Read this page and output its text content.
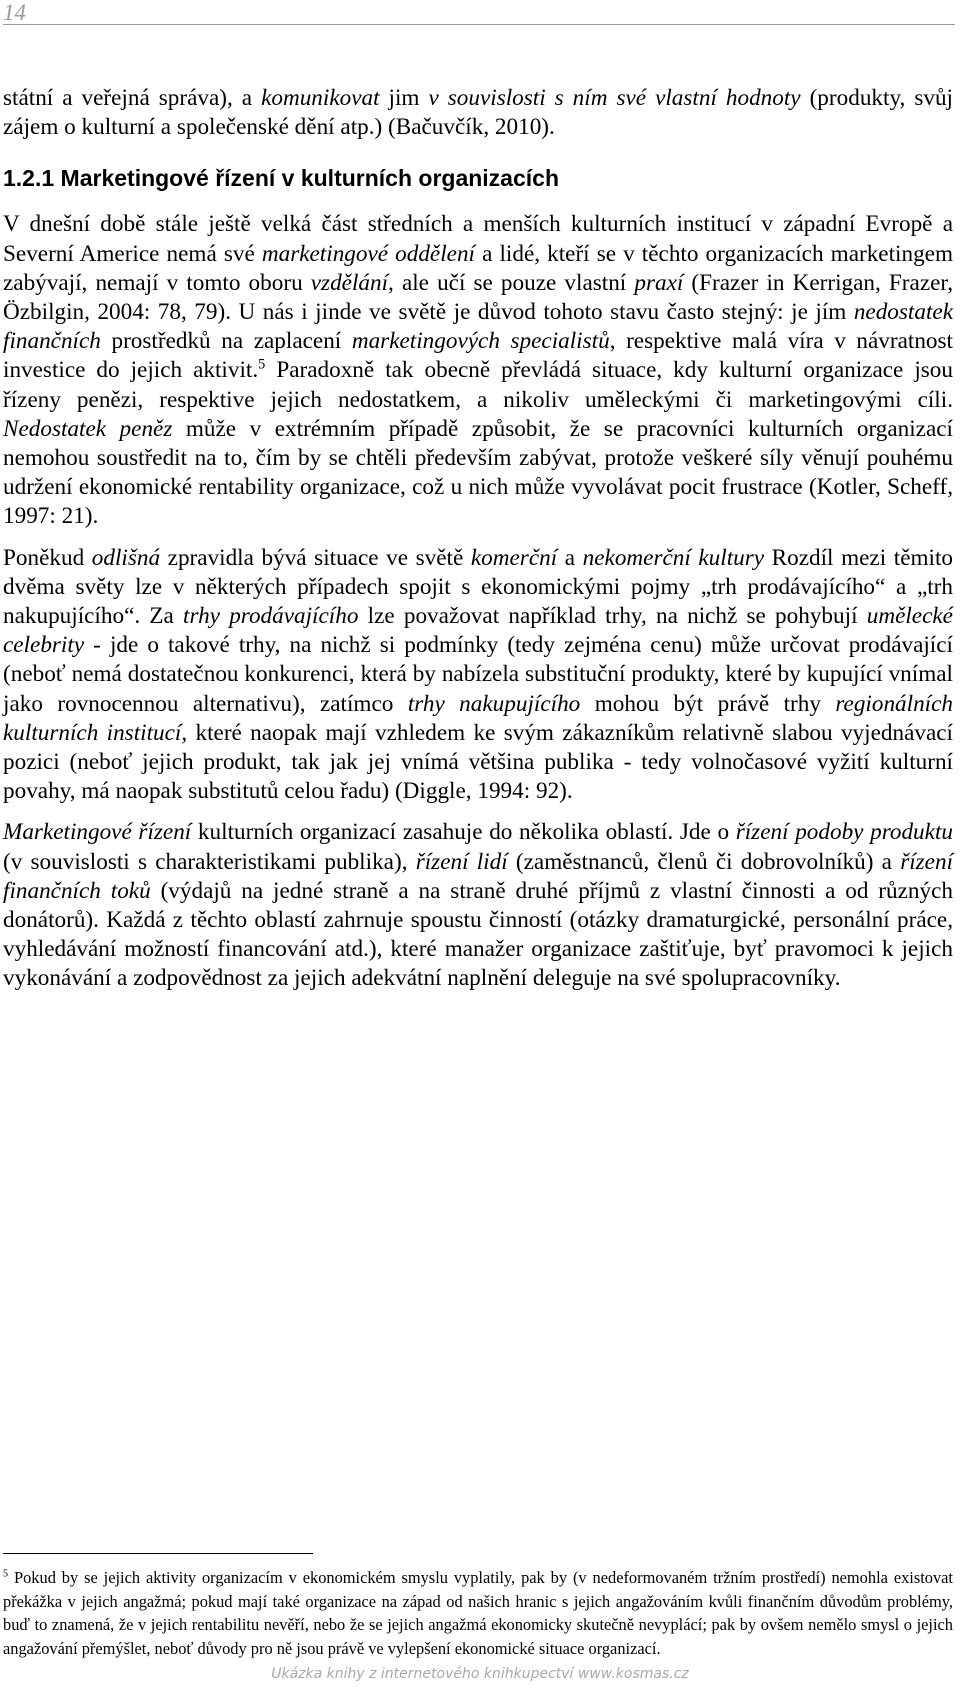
14

státní a veřejná správa), a komunikovat jim v souvislosti s ním své vlastní hodnoty (produkty, svůj zájem o kulturní a společenské dění atp.) (Bačuvčík, 2010).

1.2.1 Marketingové řízení v kulturních organizacích

V dnešní době stále ještě velká část středních a menších kulturních institucí v západní Evropě a Severní Americe nemá své marketingové oddělení a lidé, kteří se v těchto organizacích marketingem zabývají, nemají v tomto oboru vzdělání, ale učí se pouze vlastní praxí (Frazer in Kerrigan, Frazer, Özbilgin, 2004: 78, 79). U nás i jinde ve světě je důvod tohoto stavu často stejný: je jím nedostatek finančních prostředků na zaplacení marketingových specialistů, respektive malá víra v návratnost investice do jejich aktivit.$^5$ Paradoxně tak obecně převládá situace, kdy kulturní organizace jsou řízeny penězi, respektive jejich nedostatkem, a nikoliv uměleckými či marketingovými cíli. Nedostatek peněz může v extrémním případě způsobit, že se pracovníci kulturních organizací nemohou soustředit na to, čím by se chtěli především zabývat, protože veškeré síly věnují pouhému udržení ekonomické rentability organizace, což u nich může vyvolávat pocit frustrace (Kotler, Scheff, 1997: 21).

Poněkud odlišná zpravidla bývá situace ve světě komerční a nekomerční kultury Rozdíl mezi těmito dvěma světy lze v některých případech spojit s ekonomickými pojmy „trh prodávajícího“ a „trh nakupujícího“. Za trhy prodávajícího lze považovat například trhy, na nichž se pohybují umělecké celebrity - jde o takové trhy, na nichž si podmínky (tedy zejména cenu) může určovat prodávající (neboť nemá dostatečnou konkurenci, která by nabízela substituční produkty, které by kupující vnímal jako rovnocennou alternativu), zatímco trhy nakupujícího mohou být právě trhy regionálních kulturních institucí, které naopak mají vzhledem ke svým zákazníkům relativně slabou vyjednávací pozici (neboť jejich produkt, tak jak jej vnímá většina publika - tedy volnočasové vyžití kulturní povahy, má naopak substitutů celou řadu) (Diggle, 1994: 92).

Marketingové řízení kulturních organizací zasahuje do několika oblastí. Jde o řízení podoby produktu (v souvislosti s charakteristikami publika), řízení lidí (zaměstnanců, členů či dobrovolníků) a řízení finančních toků (výdajů na jedné straně a na straně druhé příjmů z vlastní činnosti a od různých donátorů). Každá z těchto oblastí zahrnuje spoustu činností (otázky dramaturgické, personální práce, vyhledávání možností financování atd.), které manažer organizace zaštiťuje, byť pravomoci k jejich vykonávání a zodpovědnost za jejich adekvátní naplnění deleguje na své spolupracovníky.

$^5$ Pokud by se jejich aktivity organizacím v ekonomickém smyslu vyplatily, pak by (v nedeformovaném tržním prostředí) nemohla existovat překážka v jejich angažmá; pokud mají také organizace na západ od našich hranic s jejich angažováním kvůli finančním důvodům problémy, buď to znamená, že v jejich rentabilitu nevěří, nebo že se jejich angažmá ekonomicky skutečně nevyplácí; pak by ovšem nemělo smysl o jejich angažování přemýšlet, neboť důvody pro ně jsou právě ve vylepšení ekonomické situace organizací.

Ukázka knihy z internetového knihkupectví www.kosmas.cz
